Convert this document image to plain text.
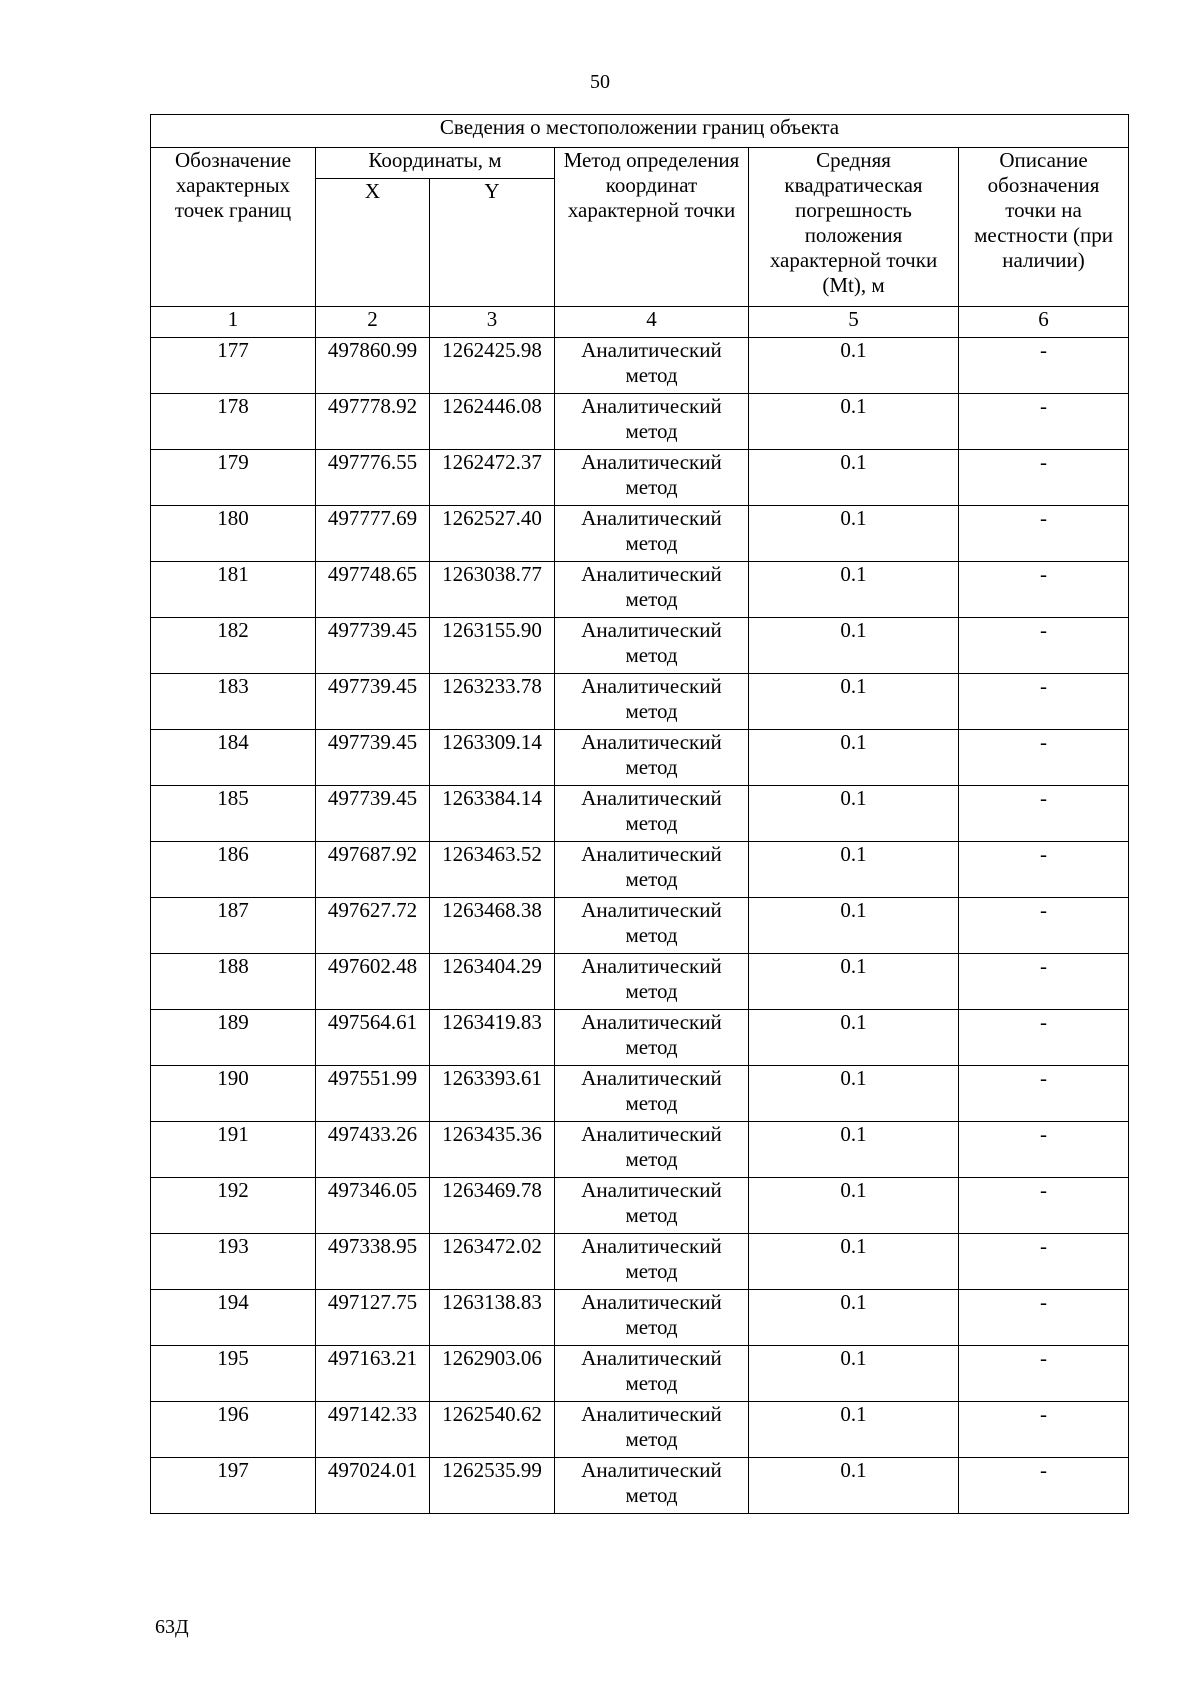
50
Сведения о местоположении границ объекта					
Обозначение характерных точек границ	Координаты, м		Метод определения координат характерной точки	Средняя квадратическая погрешность положения характерной точки (Mt), м	Описание обозначения точки на местности (при наличии)
	X	Y			
1	2	3	4	5	6
177	497860.99	1262425.98	Аналитический метод	0.1	-
178	497778.92	1262446.08	Аналитический метод	0.1	-
179	497776.55	1262472.37	Аналитический метод	0.1	-
180	497777.69	1262527.40	Аналитический метод	0.1	-
181	497748.65	1263038.77	Аналитический метод	0.1	-
182	497739.45	1263155.90	Аналитический метод	0.1	-
183	497739.45	1263233.78	Аналитический метод	0.1	-
184	497739.45	1263309.14	Аналитический метод	0.1	-
185	497739.45	1263384.14	Аналитический метод	0.1	-
186	497687.92	1263463.52	Аналитический метод	0.1	-
187	497627.72	1263468.38	Аналитический метод	0.1	-
188	497602.48	1263404.29	Аналитический метод	0.1	-
189	497564.61	1263419.83	Аналитический метод	0.1	-
190	497551.99	1263393.61	Аналитический метод	0.1	-
191	497433.26	1263435.36	Аналитический метод	0.1	-
192	497346.05	1263469.78	Аналитический метод	0.1	-
193	497338.95	1263472.02	Аналитический метод	0.1	-
194	497127.75	1263138.83	Аналитический метод	0.1	-
195	497163.21	1262903.06	Аналитический метод	0.1	-
196	497142.33	1262540.62	Аналитический метод	0.1	-
197	497024.01	1262535.99	Аналитический метод	0.1	-
63Д
